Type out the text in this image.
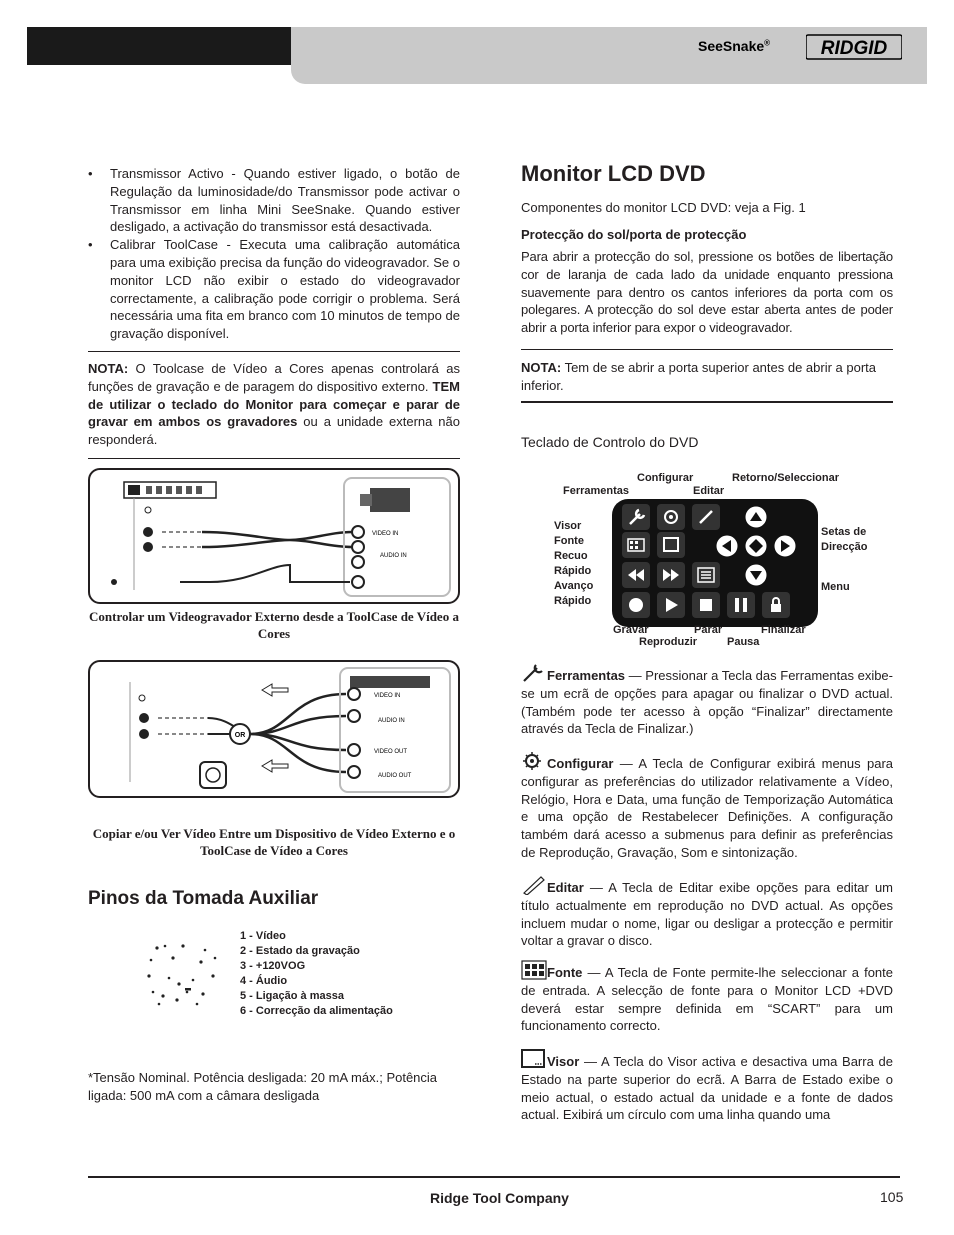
SeeSnake®	RIDGID
• Transmissor Activo - Quando estiver ligado, o botão de Regulação da luminosidade/do Transmissor pode activar o Transmissor em linha Mini SeeSnake. Quando estiver desligado, a activação do transmissor está desactivada.
• Calibrar ToolCase - Executa uma calibração automática para uma exibição precisa da função do videogravador. Se o monitor LCD não exibir o estado do videogravador correctamente, a calibração pode corrigir o problema. Será necessária uma fita em branco com 10 minutos de tempo de gravação disponível.
NOTA: O Toolcase de Vídeo a Cores apenas controlará as funções de gravação e de paragem do dispositivo externo. TEM de utilizar o teclado do Monitor para começar e parar de gravar em ambos os gravadores ou a unidade externa não responderá.
VIDEO IN
AUDIO IN
Controlar um Videogravador Externo desde a ToolCase de Vídeo a Cores
OR
VIDEO IN
AUDIO IN
VIDEO OUT
AUDIO OUT
Copiar e/ou Ver Vídeo Entre um Dispositivo de Vídeo Externo e o ToolCase de Vídeo a Cores
Pinos da Tomada Auxiliar
1 - Vídeo
2 - Estado da gravação
3 - +120VOG
4 - Áudio
5 - Ligação à massa
6 - Correcção da alimentação
*Tensão Nominal. Potência desligada: 20 mA máx.; Potência ligada: 500 mA com a câmara desligada
Monitor LCD DVD
Componentes do monitor LCD DVD: veja a Fig. 1
Protecção do sol/porta de protecção
Para abrir a protecção do sol, pressione os botões de libertação cor de laranja de cada lado da unidade enquanto pressiona suavemente para dentro os cantos inferiores da porta com os polegares. A protecção do sol deve estar aberta antes de poder abrir a porta inferior para expor o videogravador.
NOTA: Tem de se abrir a porta superior antes de abrir a porta inferior.
Teclado de Controlo do DVD
Configurar
Ferramentas	Editar
Retorno/Seleccionar
Visor
Fonte
Recuo
Rápido
Avanço
Rápido
Setas de
Direcção
Menu
Gravar	Parar	Finalizar
Reproduzir	Pausa
Ferramentas — Pressionar a Tecla das Ferramentas exibe-se um ecrã de opções para apagar ou finalizar o DVD actual. (Também pode ter acesso à opção “Finalizar” directamente através da Tecla de Finalizar.)
Configurar — A Tecla de Configurar exibirá menus para configurar as preferências do utilizador relativamente a Vídeo, Relógio, Hora e Data, uma função de Temporização Automática e uma opção de Restabelecer Definições. A configuração também dará acesso a submenus para definir as preferências de Reprodução, Gravação, Som e sintonização.
Editar — A Tecla de Editar exibe opções para editar um título actualmente em reprodução no DVD actual. As opções incluem mudar o nome, ligar ou desligar a protecção e permitir voltar a gravar o disco.
Fonte — A Tecla de Fonte permite-lhe seleccionar a fonte de entrada. A selecção de fonte para o Monitor LCD +DVD deverá estar sempre definida em “SCART” para um funcionamento correcto.
Visor — A Tecla do Visor activa e desactiva uma Barra de Estado na parte superior do ecrã. A Barra de Estado exibe o meio actual, o estado actual da unidade e a fonte de dados actual. Exibirá um círculo com uma linha quando uma
Ridge Tool Company	105
